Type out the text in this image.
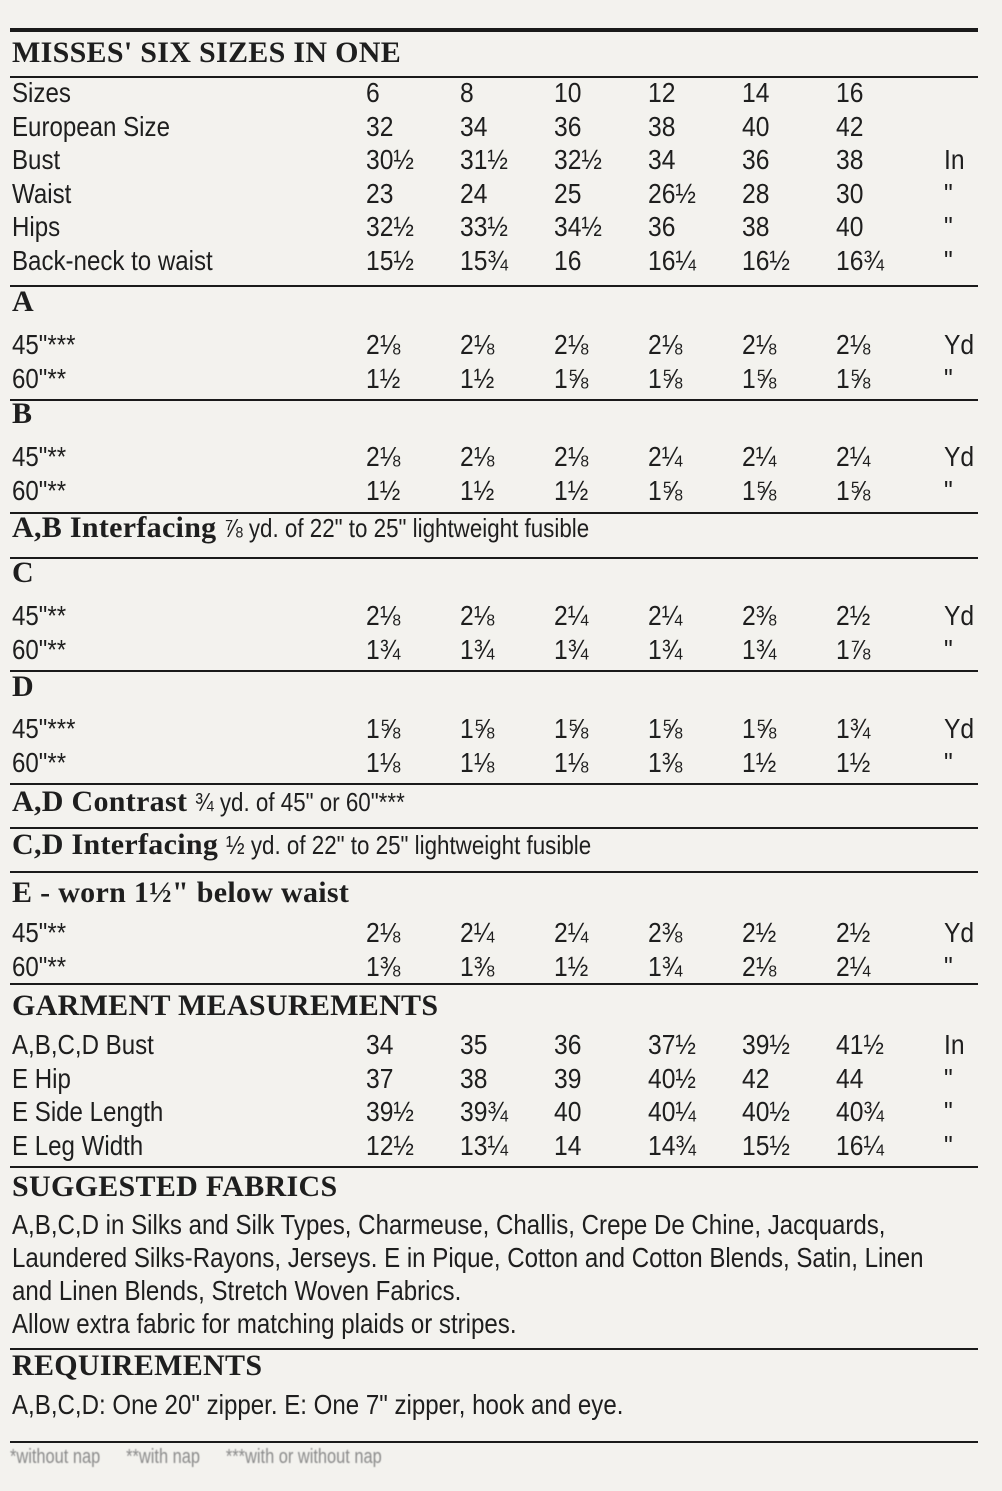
MISSES' SIX SIZES IN ONE
Sizes	6	8	10 12 14 16
European Size	32 34 36 38 40 42
Bust	30½ 31½ 32½ 34 36 38	In
Waist	23 24 25 26½ 28 30	"
Hips	32½ 33½ 34½ 36 38 40	"
Back-neck to waist	15½ 15¾ 16 16¼ 16½ 16¾ "
A
45"***	2⅛ 2⅛ 2⅛ 2⅛ 2⅛ 2⅛	Yd
60"**	1½ 1½ 1⅝ 1⅝ 1⅝ 1⅝	"
B
45"**	2⅛ 2⅛ 2⅛ 2¼ 2¼ 2¼	Yd
60"**	1½ 1½ 1½ 1⅝ 1⅝ 1⅝	"
A,B Interfacing ⅞ yd. of 22" to 25" lightweight fusible
C
45"**	2⅛ 2⅛ 2¼ 2¼ 2⅜ 2½	Yd
60"**	1¾ 1¾ 1¾ 1¾ 1¾ 1⅞	"
D
45"***	1⅝ 1⅝ 1⅝ 1⅝ 1⅝ 1¾	Yd
60"**	1⅛ 1⅛ 1⅛ 1⅜ 1½ 1½	"
A,D Contrast ¾ yd. of 45" or 60"***
C,D Interfacing ½ yd. of 22" to 25" lightweight fusible
E - worn 1½" below waist
45"**	2⅛ 2¼ 2¼ 2⅜ 2½ 2½	Yd
60"**	1⅜ 1⅜ 1½ 1¾ 2⅛ 2¼	"
GARMENT MEASUREMENTS
A,B,C,D Bust	34 35 36 37½ 39½ 41½ In
E Hip	37 38 39 40½ 42 44	"
E Side Length	39½ 39¾ 40 40¼ 40½ 40¾ "
E Leg Width	12½ 13¼ 14 14¾ 15½ 16¼ "
SUGGESTED FABRICS
A,B,C,D in Silks and Silk Types, Charmeuse, Challis, Crepe De Chine, Jacquards,
Laundered Silks-Rayons, Jerseys. E in Pique, Cotton and Cotton Blends, Satin, Linen
and Linen Blends, Stretch Woven Fabrics.
Allow extra fabric for matching plaids or stripes.
REQUIREMENTS
A,B,C,D: One 20" zipper. E: One 7" zipper, hook and eye.
*without nap **with nap ***with or without nap
